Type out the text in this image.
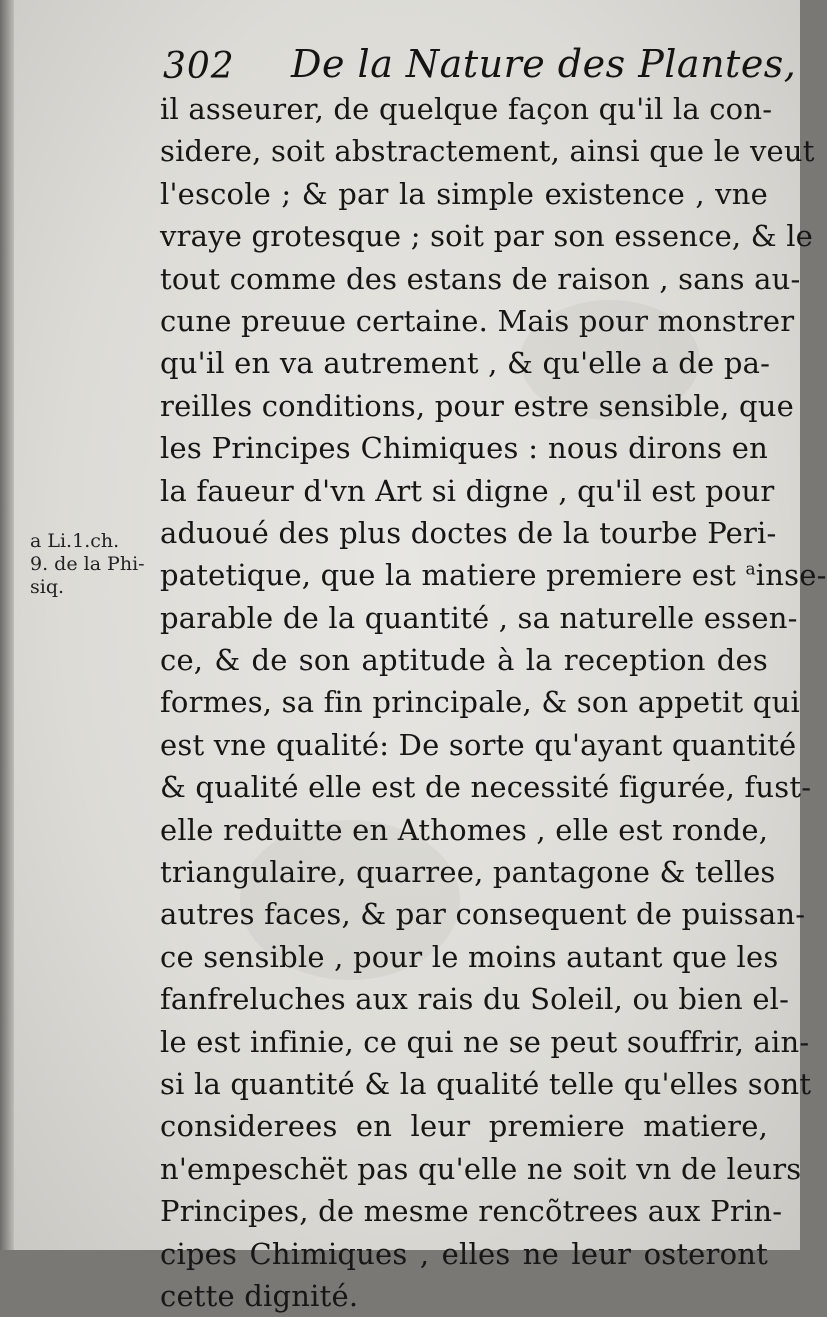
302 De la Nature des Plantes,
a Li.1.ch.
9. de la Phi-
siq.
il asseurer, de quelque façon qu'il la con-
sidere, soit abstractement, ainsi que le veut
l'escole ; & par la simple existence , vne
vraye grotesque ; soit par son essence, & le
tout comme des estans de raison , sans au-
cune preuue certaine. Mais pour monstrer
qu'il en va autrement , & qu'elle a de pa-
reilles conditions, pour estre sensible, que
les Principes Chimiques : nous dirons en
la faueur d'vn Art si digne , qu'il est pour
aduoué des plus doctes de la tourbe Peri-
patetique, que la matiere premiere est $^a$inse-
parable de la quantité , sa naturelle essen-
ce, & de son aptitude à la reception des
formes, sa fin principale, & son appetit qui
est vne qualité: De sorte qu'ayant quantité
& qualité elle est de necessité figurée, fust-
elle reduitte en Athomes , elle est ronde,
triangulaire, quarree, pantagone & telles
autres faces, & par consequent de puissan-
ce sensible , pour le moins autant que les
fanfreluches aux rais du Soleil, ou bien el-
le est infinie, ce qui ne se peut souffrir, ain-
si la quantité & la qualité telle qu'elles sont
considerees en leur premiere matiere,
n'empeschët pas qu'elle ne soit vn de leurs
Principes, de mesme rencõtrees aux Prin-
cipes Chimiques , elles ne leur osteront
cette dignité.
